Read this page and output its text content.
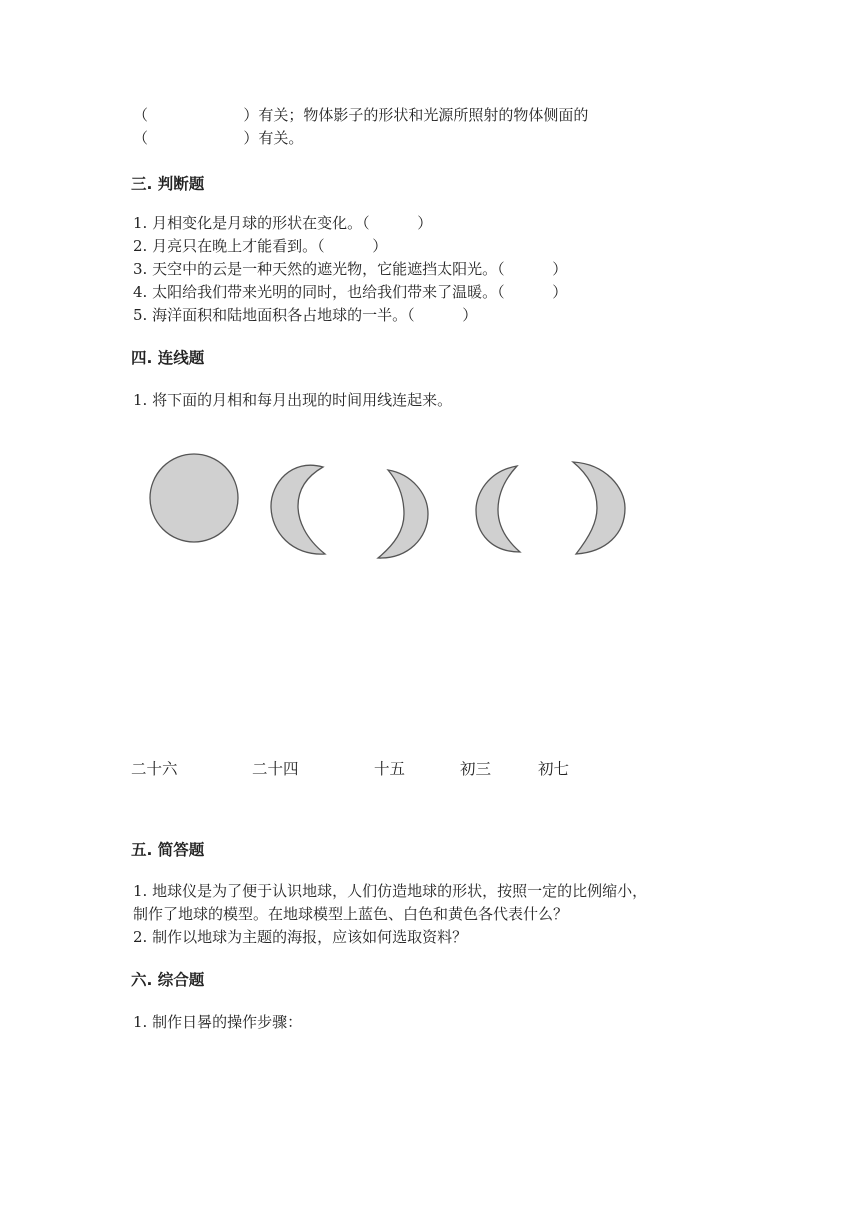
（                    ）有关；物体影子的形状和光源所照射的物体侧面的
（                    ）有关。
三. 判断题
1. 月相变化是月球的形状在变化。（          ）
2. 月亮只在晚上才能看到。（          ）
3. 天空中的云是一种天然的遮光物，它能遮挡太阳光。（          ）
4. 太阳给我们带来光明的同时，也给我们带来了温暖。（          ）
5. 海洋面积和陆地面积各占地球的一半。（          ）
四. 连线题
1. 将下面的月相和每月出现的时间用线连起来。
二十六	二十四	十五	初三	初七
五. 简答题
1. 地球仪是为了便于认识地球，人们仿造地球的形状，按照一定的比例缩小，
制作了地球的模型。在地球模型上蓝色、白色和黄色各代表什么？
2. 制作以地球为主题的海报，应该如何选取资料？
六. 综合题
1. 制作日晷的操作步骤：
